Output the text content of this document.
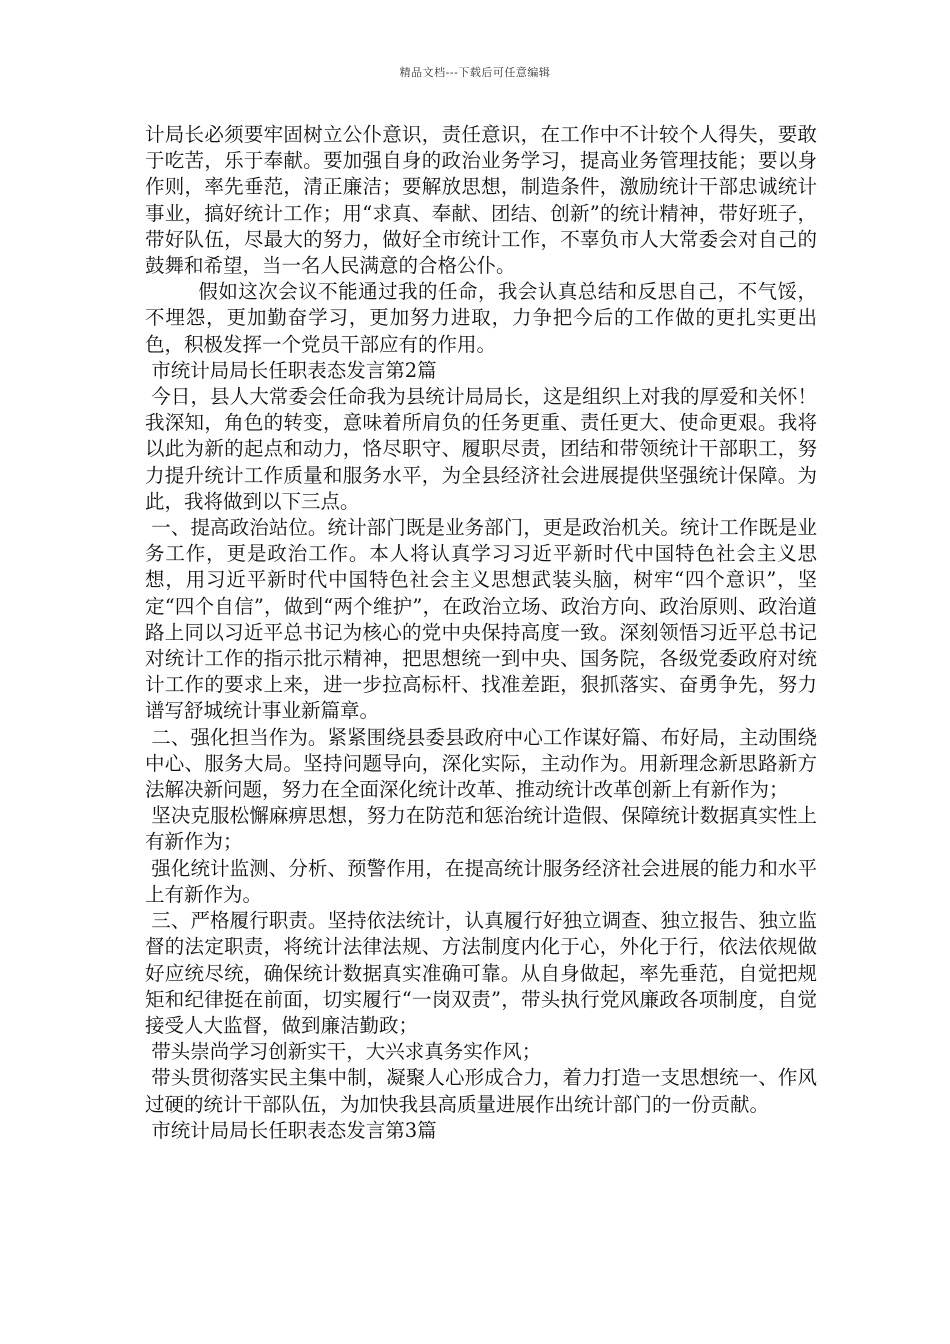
精品文档---下载后可任意编辑

计局长必须要牢固树立公仆意识，责任意识，在工作中不计较个人得失，要敢于吃苦，乐于奉献。要加强自身的政治业务学习，提高业务管理技能；要以身作则，率先垂范，清正廉洁；要解放思想，制造条件，激励统计干部忠诚统计事业，搞好统计工作；用“求真、奉献、团结、创新”的统计精神，带好班子，带好队伍，尽最大的努力，做好全市统计工作，不辜负市人大常委会对自己的鼓舞和希望，当一名人民满意的合格公仆。

假如这次会议不能通过我的任命，我会认真总结和反思自己，不气馁，不埋怨，更加勤奋学习，更加努力进取，力争把今后的工作做的更扎实更出色，积极发挥一个党员干部应有的作用。

市统计局局长任职表态发言第2篇

今日，县人大常委会任命我为县统计局局长，这是组织上对我的厚爱和关怀！我深知，角色的转变，意味着所肩负的任务更重、责任更大、使命更艰。我将以此为新的起点和动力，恪尽职守、履职尽责，团结和带领统计干部职工，努力提升统计工作质量和服务水平，为全县经济社会进展提供坚强统计保障。为此，我将做到以下三点。

一、提高政治站位。统计部门既是业务部门，更是政治机关。统计工作既是业务工作，更是政治工作。本人将认真学习习近平新时代中国特色社会主义思想，用习近平新时代中国特色社会主义思想武装头脑，树牢“四个意识”，坚定“四个自信”，做到“两个维护”，在政治立场、政治方向、政治原则、政治道路上同以习近平总书记为核心的党中央保持高度一致。深刻领悟习近平总书记对统计工作的指示批示精神，把思想统一到中央、国务院，各级党委政府对统计工作的要求上来，进一步拉高标杆、找准差距，狠抓落实、奋勇争先，努力谱写舒城统计事业新篇章。

二、强化担当作为。紧紧围绕县委县政府中心工作谋好篇、布好局，主动围绕中心、服务大局。坚持问题导向，深化实际，主动作为。用新理念新思路新方法解决新问题，努力在全面深化统计改革、推动统计改革创新上有新作为；

坚决克服松懈麻痹思想，努力在防范和惩治统计造假、保障统计数据真实性上有新作为；

强化统计监测、分析、预警作用，在提高统计服务经济社会进展的能力和水平上有新作为。

三、严格履行职责。坚持依法统计，认真履行好独立调查、独立报告、独立监督的法定职责，将统计法律法规、方法制度内化于心，外化于行，依法依规做好应统尽统，确保统计数据真实准确可靠。从自身做起，率先垂范，自觉把规矩和纪律挺在前面，切实履行“一岗双责”，带头执行党风廉政各项制度，自觉接受人大监督，做到廉洁勤政；

带头崇尚学习创新实干，大兴求真务实作风；

带头贯彻落实民主集中制，凝聚人心形成合力，着力打造一支思想统一、作风过硬的统计干部队伍，为加快我县高质量进展作出统计部门的一份贡献。

市统计局局长任职表态发言第3篇
